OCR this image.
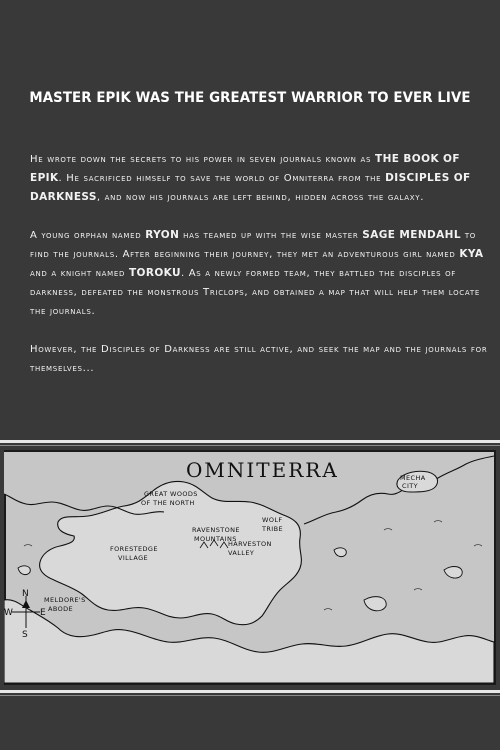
MASTER EPIK WAS THE GREATEST WARRIOR TO EVER LIVE

He wrote down the secrets to his power in seven journals known as THE BOOK OF EPIK. He sacrificed himself to save the world of Omniterra from the DISCIPLES OF DARKNESS, and now his journals are left behind, hidden across the galaxy.

A young orphan named RYON has teamed up with the wise master SAGE MENDAHL to find the journals. After beginning their journey, they met an adventurous girl named KYA and a knight named TOROKU. As a newly formed team, they battled the disciples of darkness, defeated the monstrous Triclops, and obtained a map that will help them locate the journals.

However, the Disciples of Darkness are still active, and seek the map and the journals for themselves...

OMNITERRA
GREAT WOODS
OF THE NORTH
RAVENSTONE
MOUNTAINS
WOLF
TRIBE
HARVESTON
VALLEY
FORESTEDGE
VILLAGE
MECHA
CITY
MELDORE'S
ABODE
N
S
E
W
